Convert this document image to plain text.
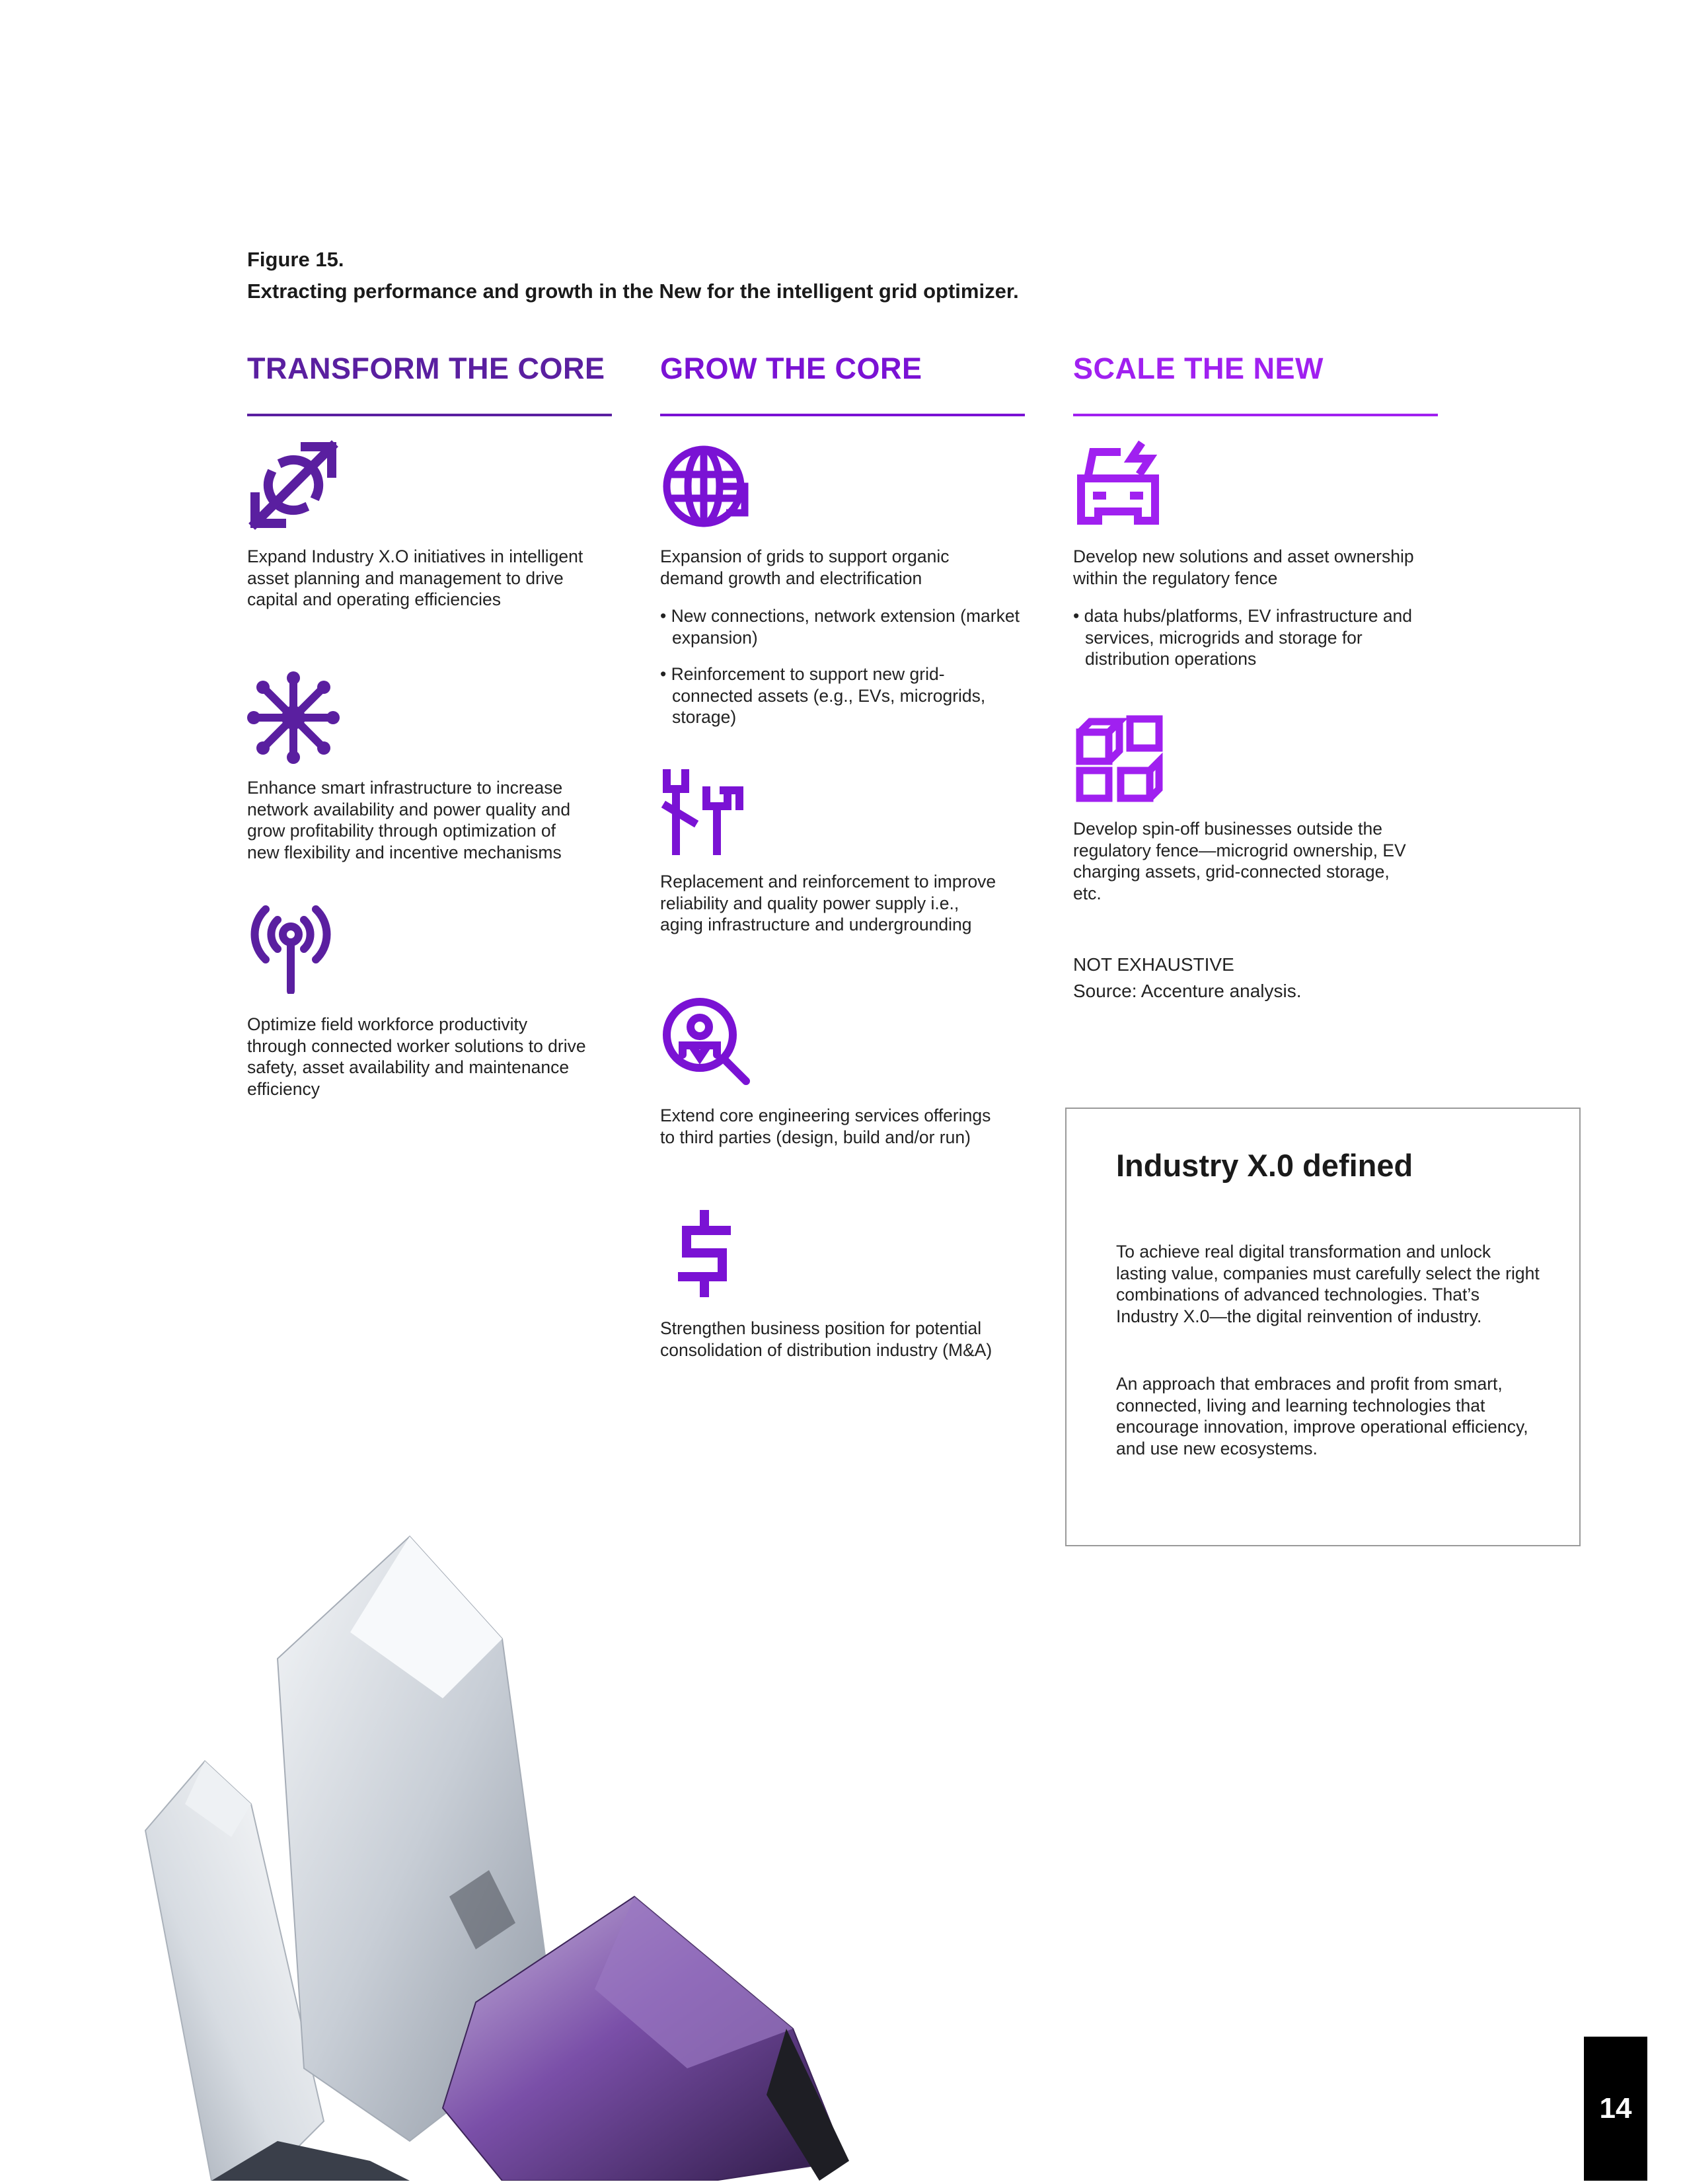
Figure 15.
Extracting performance and growth in the New for the intelligent grid optimizer.
TRANSFORM THE CORE
Expand Industry X.O initiatives in intelligent asset planning and management to drive capital and operating efficiencies
Enhance smart infrastructure to increase network availability and power quality and grow profitability through optimization of new flexibility and incentive mechanisms
Optimize field workforce productivity through connected worker solutions to drive safety, asset availability and maintenance efficiency
GROW THE CORE
Expansion of grids to support organic demand growth and electrification
• New connections, network extension (market expansion)
• Reinforcement to support new grid-connected assets (e.g., EVs, microgrids, storage)
Replacement and reinforcement to improve reliability and quality power supply i.e., aging infrastructure and undergrounding
Extend core engineering services offerings to third parties (design, build and/or run)
Strengthen business position for potential consolidation of distribution industry (M&A)
SCALE THE NEW
Develop new solutions and asset ownership within the regulatory fence
• data hubs/platforms, EV infrastructure and services, microgrids and storage for distribution operations
Develop spin-off businesses outside the regulatory fence—microgrid ownership, EV charging assets, grid-connected storage, etc.
NOT EXHAUSTIVE
Source: Accenture analysis.
Industry X.0 defined
To achieve real digital transformation and unlock lasting value, companies must carefully select the right combinations of advanced technologies. That’s Industry X.0—the digital reinvention of industry.
An approach that embraces and profit from smart, connected, living and learning technologies that encourage innovation, improve operational efficiency, and use new ecosystems.
14
